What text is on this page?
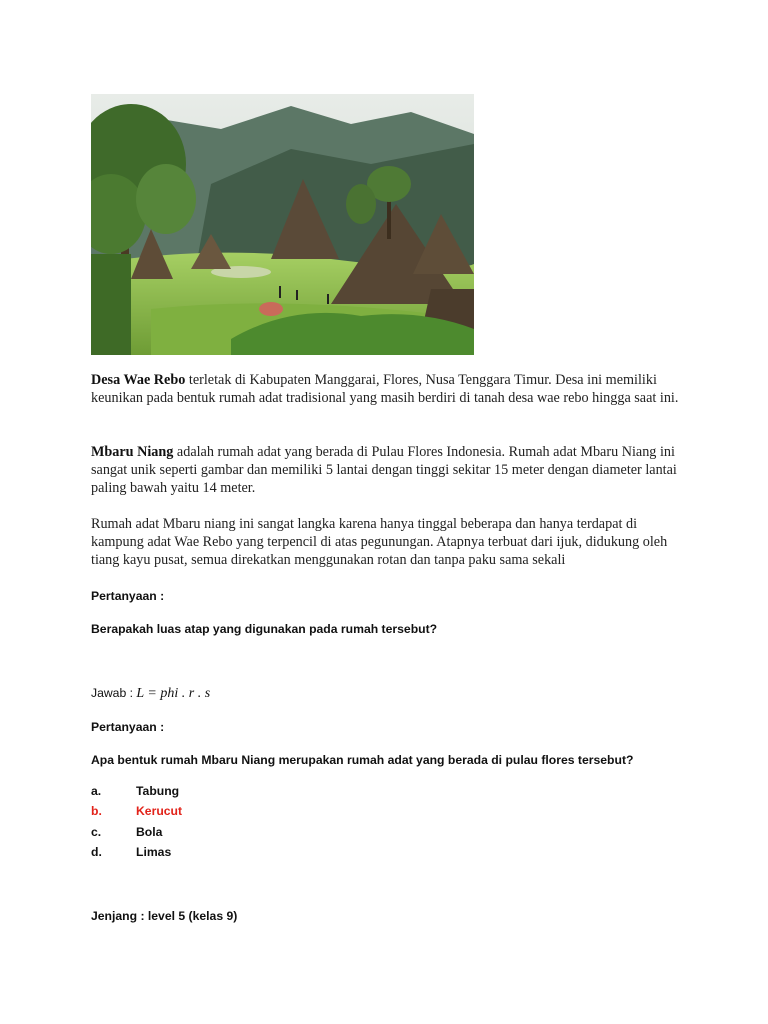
Desa Wae Rebo terletak di Kabupaten Manggarai, Flores, Nusa Tenggara Timur. Desa ini memiliki keunikan pada bentuk rumah adat tradisional yang masih berdiri di tanah desa wae rebo hingga saat ini.

Mbaru Niang adalah rumah adat yang berada di Pulau Flores Indonesia. Rumah adat Mbaru Niang ini sangat unik seperti gambar dan memiliki 5 lantai dengan tinggi sekitar 15 meter dengan diameter lantai paling bawah yaitu 14 meter.

Rumah adat Mbaru niang ini sangat langka karena hanya tinggal beberapa dan hanya terdapat di kampung adat Wae Rebo yang terpencil di atas pegunungan. Atapnya terbuat dari ijuk, didukung oleh tiang kayu pusat, semua direkatkan menggunakan rotan dan tanpa paku sama sekali

Pertanyaan :

Berapakah luas atap yang digunakan pada rumah tersebut?

Jawab : L = phi . r . s

Pertanyaan :

Apa bentuk rumah Mbaru Niang merupakan rumah adat yang berada di pulau flores tersebut?

a.	Tabung
b.	Kerucut
c.	Bola
d.	Limas

Jenjang : level 5 (kelas 9)
